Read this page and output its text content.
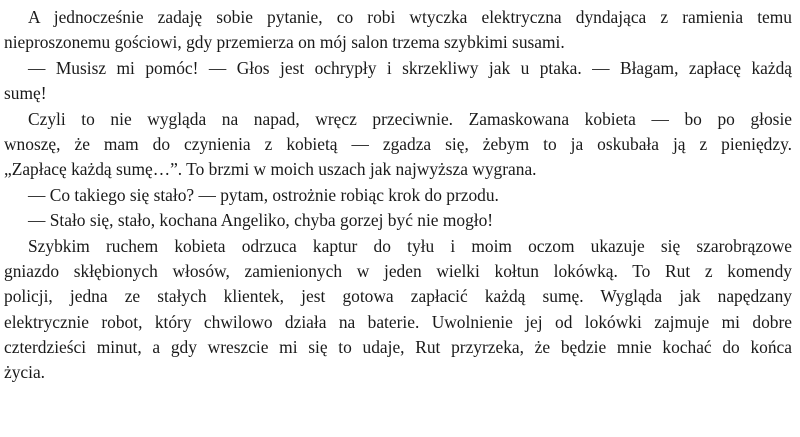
A jednocześnie zadaję sobie pytanie, co robi wtyczka elektryczna dyndająca z ramienia temu
nieproszonemu gościowi, gdy przemierza on mój salon trzema szybkimi susami.
— Musisz mi pomóc! — Głos jest ochrypły i skrzekliwy jak u ptaka. — Błagam, zapłacę każdą
sumę!
Czyli to nie wygląda na napad, wręcz przeciwnie. Zamaskowana kobieta — bo po głosie
wnoszę, że mam do czynienia z kobietą — zgadza się, żebym to ja oskubała ją z pieniędzy.
„Zapłacę każdą sumę…”. To brzmi w moich uszach jak najwyższa wygrana.
— Co takiego się stało? — pytam, ostrożnie robiąc krok do przodu.
— Stało się, stało, kochana Angeliko, chyba gorzej być nie mogło!
Szybkim ruchem kobieta odrzuca kaptur do tyłu i moim oczom ukazuje się szarobrązowe
gniazdo skłębionych włosów, zamienionych w jeden wielki kołtun lokówką. To Rut z komendy
policji, jedna ze stałych klientek, jest gotowa zapłacić każdą sumę. Wygląda jak napędzany
elektrycznie robot, który chwilowo działa na baterie. Uwolnienie jej od lokówki zajmuje mi dobre
czterdzieści minut, a gdy wreszcie mi się to udaje, Rut przyrzeka, że będzie mnie kochać do końca
życia.
